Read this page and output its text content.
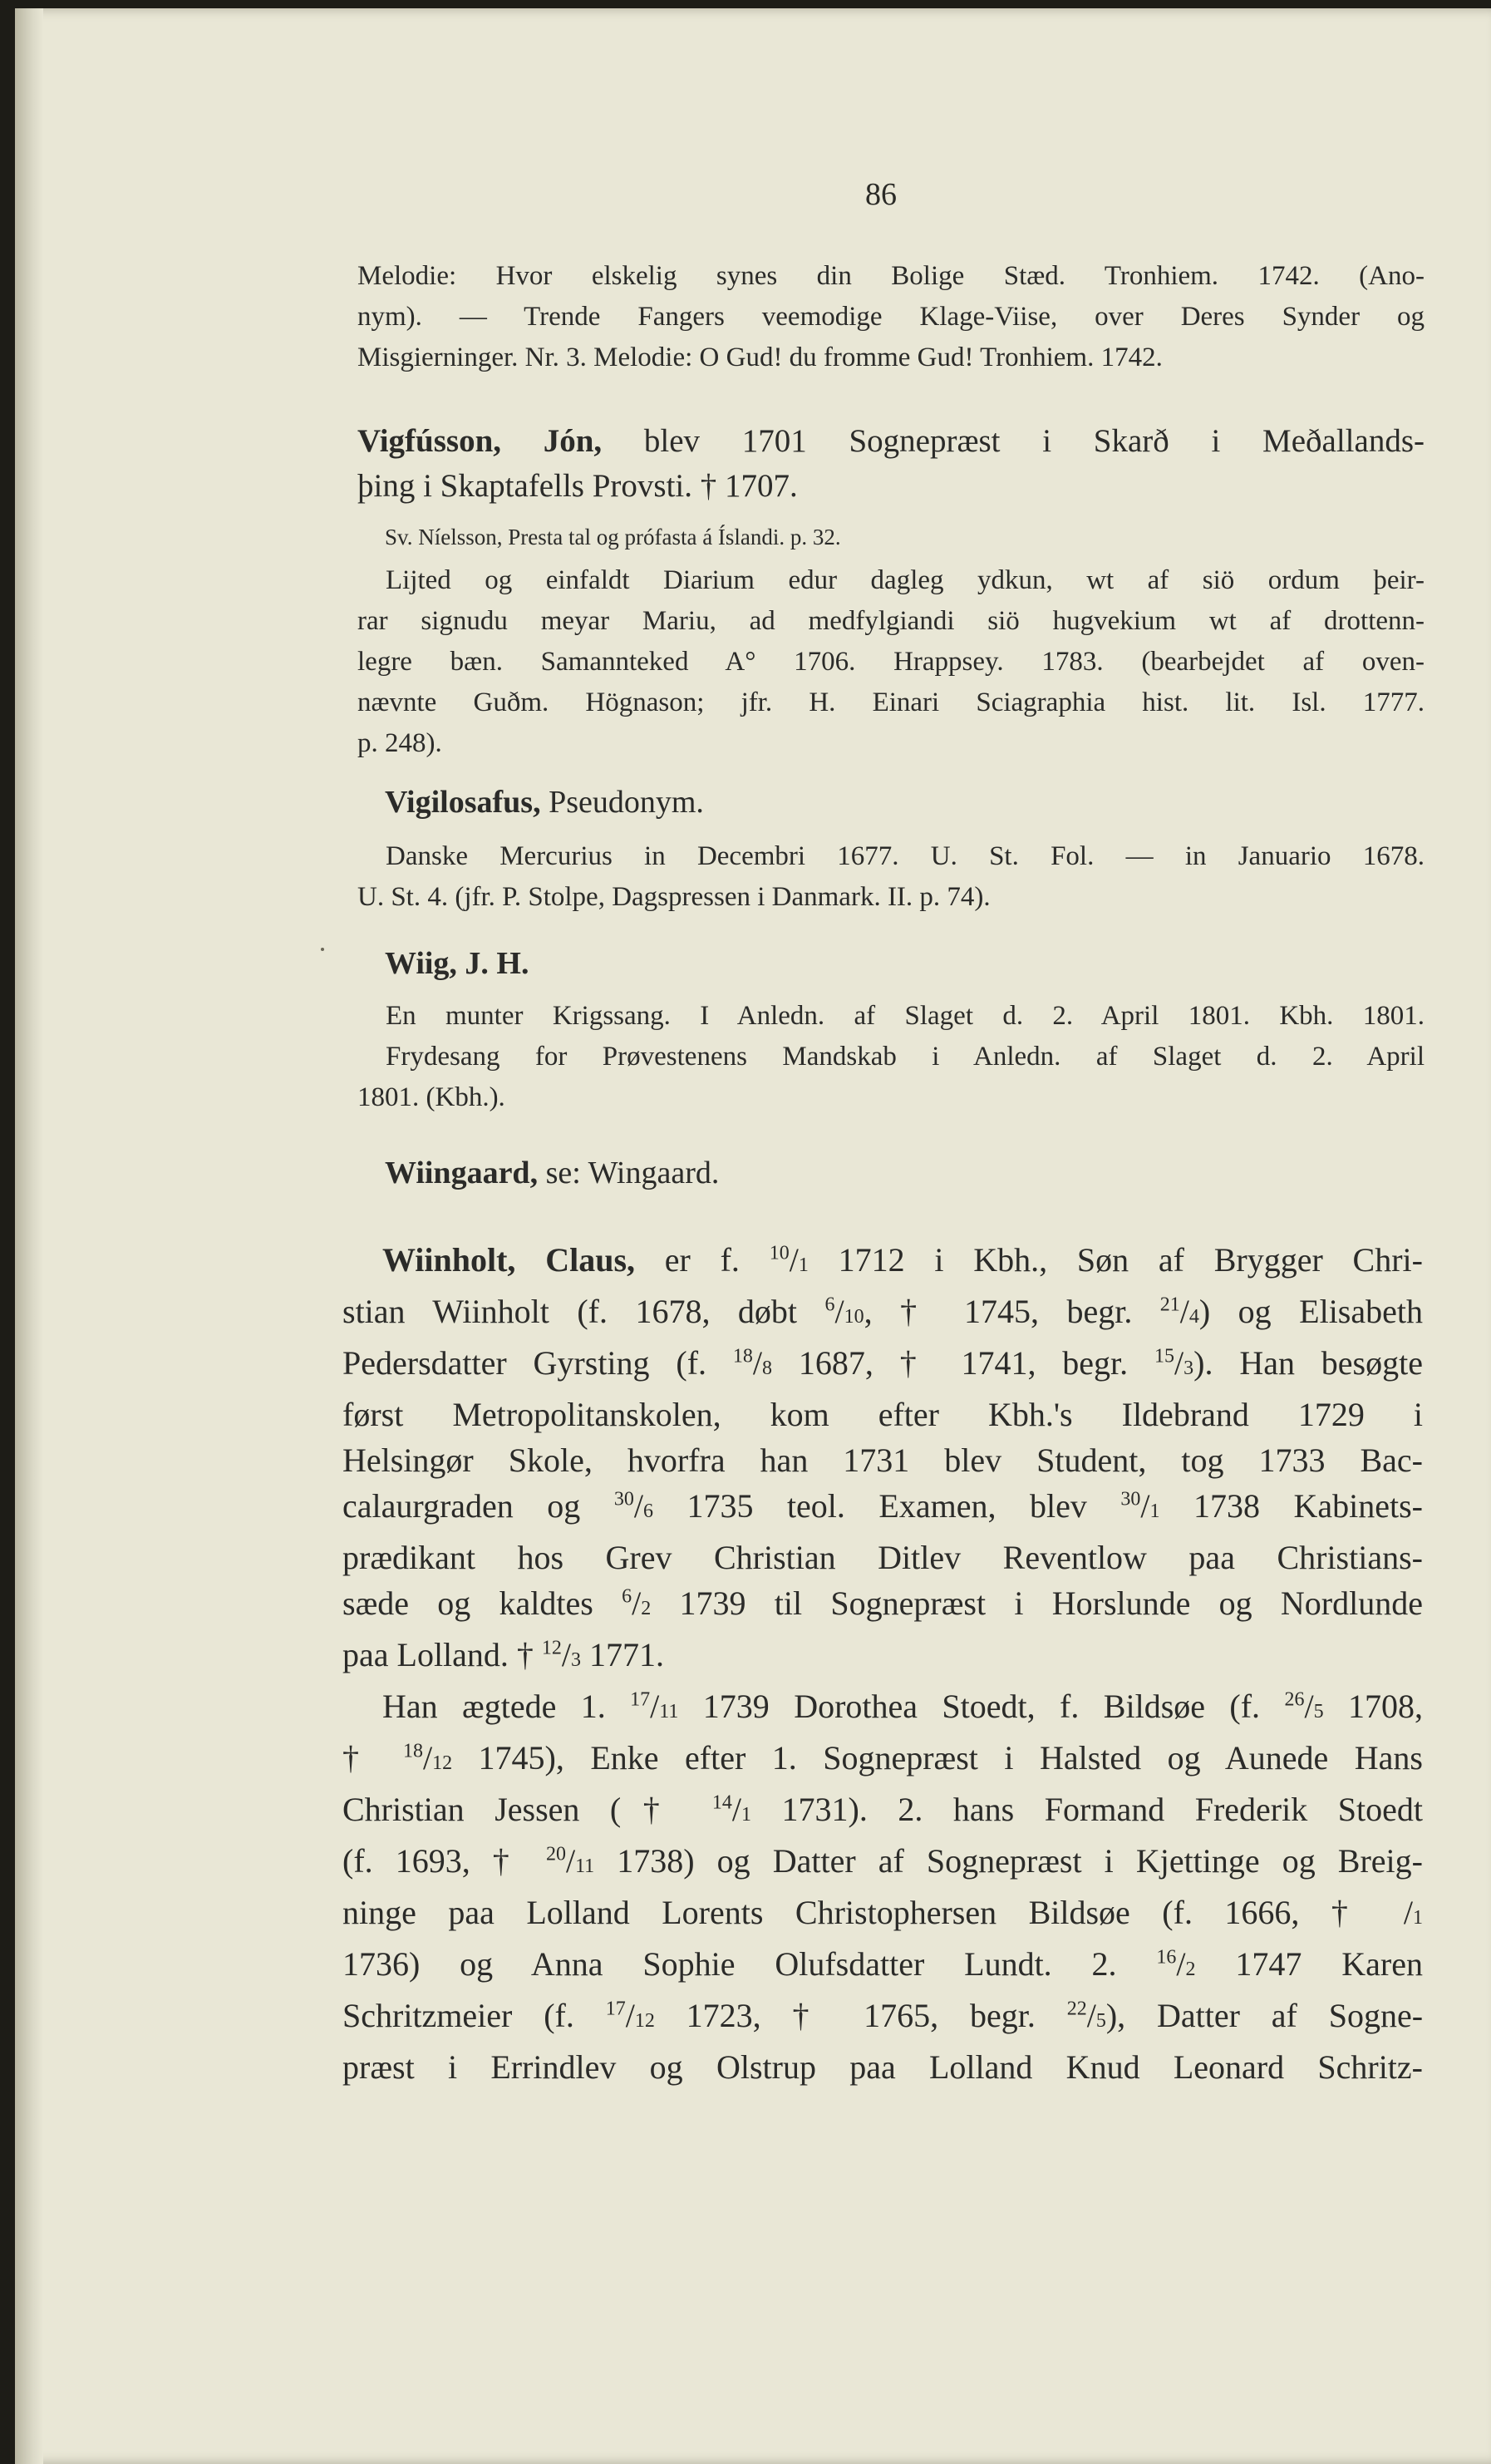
86
Melodie: Hvor elskelig synes din Bolige Stæd. Tronhiem. 1742. (Ano-
nym). — Trende Fangers veemodige Klage-Viise, over Deres Synder og
Misgierninger. Nr. 3. Melodie: O Gud! du fromme Gud! Tronhiem. 1742.
Vigfússon, Jón, blev 1701 Sognepræst i Skarð i Meðallands-
þing i Skaptafells Provsti. † 1707.
Sv. Níelsson, Presta tal og prófasta á Íslandi. p. 32.
Lijted og einfaldt Diarium edur dagleg ydkun, wt af siö ordum þeir-
rar signudu meyar Mariu, ad medfylgiandi siö hugvekium wt af drottenn-
legre bæn. Samannteked A° 1706. Hrappsey. 1783. (bearbejdet af oven-
nævnte Guðm. Högnason; jfr. H. Einari Sciagraphia hist. lit. Isl. 1777.
p. 248).
Vigilosafus, Pseudonym.
Danske Mercurius in Decembri 1677. U. St. Fol. — in Januario 1678.
U. St. 4. (jfr. P. Stolpe, Dagspressen i Danmark. II. p. 74).
Wiig, J. H.
En munter Krigssang. I Anledn. af Slaget d. 2. April 1801. Kbh. 1801.
Frydesang for Prøvestenens Mandskab i Anledn. af Slaget d. 2. April
1801. (Kbh.).
Wiingaard, se: Wingaard.
Wiinholt, Claus, er f. $^{10}$/1 1712 i Kbh., Søn af Brygger Chri-
stian Wiinholt (f. 1678, døbt $^6$/10, † 1745, begr. $^{21}$/4) og Elisabeth
Pedersdatter Gyrsting (f. $^{18}$/8 1687, † 1741, begr. $^{15}$/3). Han besøgte
først Metropolitanskolen, kom efter Kbh.'s Ildebrand 1729 i
Helsingør Skole, hvorfra han 1731 blev Student, tog 1733 Bac-
calaurgraden og $^{30}$/6 1735 teol. Examen, blev $^{30}$/1 1738 Kabinets-
prædikant hos Grev Christian Ditlev Reventlow paa Christians-
sæde og kaldtes $^6$/2 1739 til Sognepræst i Horslunde og Nordlunde
paa Lolland. † $^{12}$/3 1771.
Han ægtede 1. $^{17}$/11 1739 Dorothea Stoedt, f. Bildsøe (f. $^{26}$/5 1708,
† $^{18}$/12 1745), Enke efter 1. Sognepræst i Halsted og Aunede Hans
Christian Jessen († $^{14}$/1 1731). 2. hans Formand Frederik Stoedt
(f. 1693, † $^{20}$/11 1738) og Datter af Sognepræst i Kjettinge og Breig-
ninge paa Lolland Lorents Christophersen Bildsøe (f. 1666, † /1
1736) og Anna Sophie Olufsdatter Lundt. 2. $^{16}$/2 1747 Karen
Schritzmeier (f. $^{17}$/12 1723, † 1765, begr. $^{22}$/5), Datter af Sogne-
præst i Errindlev og Olstrup paa Lolland Knud Leonard Schritz-
